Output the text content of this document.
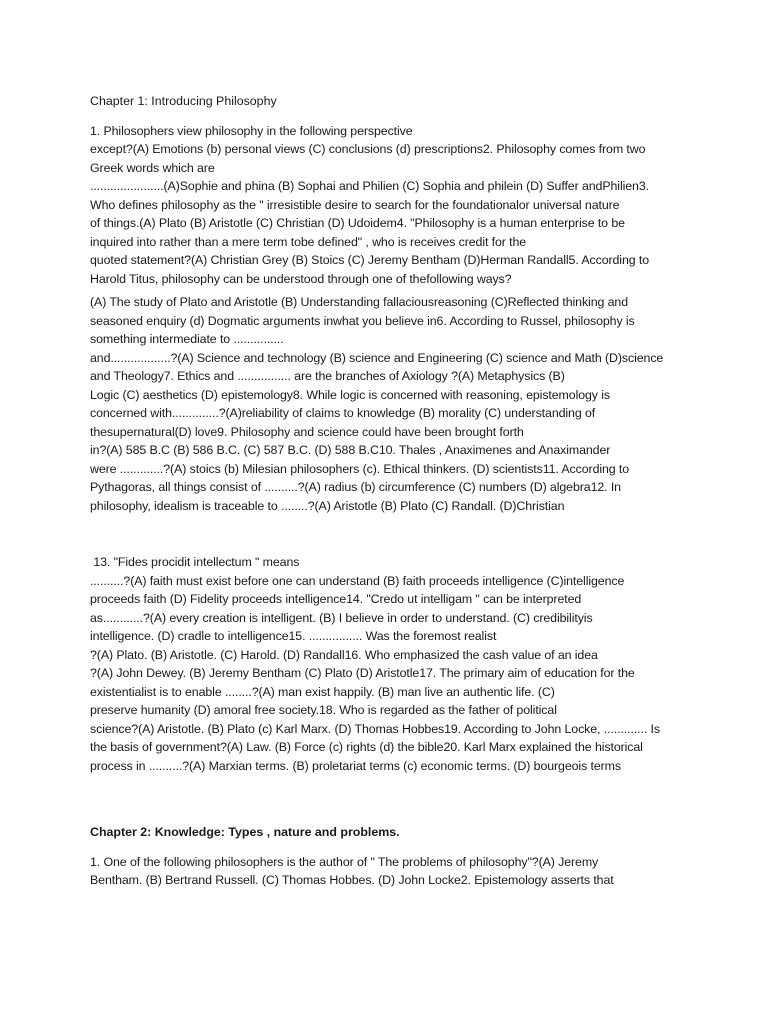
Chapter 1: Introducing Philosophy
1. Philosophers view philosophy in the following perspective
except?(A) Emotions (b) personal views (C) conclusions (d) prescriptions2. Philosophy comes from two
Greek words which are
......................(A)Sophie and phina (B) Sophai and Philien (C) Sophia and philein (D) Suffer andPhilien3.
Who defines philosophy as the " irresistible desire to search for the foundationalor universal nature
of things.(A) Plato (B) Aristotle (C) Christian (D) Udoidem4. "Philosophy is a human enterprise to be
inquired into rather than a mere term tobe defined" , who is receives credit for the
quoted statement?(A) Christian Grey (B) Stoics (C) Jeremy Bentham (D)Herman Randall5. According to
Harold Titus, philosophy can be understood through one of thefollowing ways?
(A) The study of Plato and Aristotle (B) Understanding fallaciousreasoning (C)Reflected thinking and
seasoned enquiry (d) Dogmatic arguments inwhat you believe in6. According to Russel, philosophy is
something intermediate to ...............
and..................?(A) Science and technology (B) science and Engineering (C) science and Math (D)science
and Theology7. Ethics and ................ are the branches of Axiology ?(A) Metaphysics (B)
Logic (C) aesthetics (D) epistemology8. While logic is concerned with reasoning, epistemology is
concerned with..............?(A)reliability of claims to knowledge (B) morality (C) understanding of
thesupernatural(D) love9. Philosophy and science could have been brought forth
in?(A) 585 B.C (B) 586 B.C. (C) 587 B.C. (D) 588 B.C10. Thales , Anaximenes and Anaximander
were .............?(A) stoics (b) Milesian philosophers (c). Ethical thinkers. (D) scientists11. According to
Pythagoras, all things consist of ..........?(A) radius (b) circumference (C) numbers (D) algebra12. In
philosophy, idealism is traceable to ........?(A) Aristotle (B) Plato (C) Randall. (D)Christian
13. "Fides procidit intellectum " means
..........?(A) faith must exist before one can understand (B) faith proceeds intelligence (C)intelligence
proceeds faith (D) Fidelity proceeds intelligence14. "Credo ut intelligam " can be interpreted
as............?(A) every creation is intelligent. (B) I believe in order to understand. (C) credibilityis
intelligence. (D) cradle to intelligence15. ................ Was the foremost realist
?(A) Plato. (B) Aristotle. (C) Harold. (D) Randall16. Who emphasized the cash value of an idea
?(A) John Dewey. (B) Jeremy Bentham (C) Plato (D) Aristotle17. The primary aim of education for the
existentialist is to enable ........?(A) man exist happily. (B) man live an authentic life. (C)
preserve humanity (D) amoral free society.18. Who is regarded as the father of political
science?(A) Aristotle. (B) Plato (c) Karl Marx. (D) Thomas Hobbes19. According to John Locke, ............. Is
the basis of government?(A) Law. (B) Force (c) rights (d) the bible20. Karl Marx explained the historical
process in ..........?(A) Marxian terms. (B) proletariat terms (c) economic terms. (D) bourgeois terms
Chapter 2: Knowledge: Types , nature and problems.
1. One of the following philosophers is the author of " The problems of philosophy"?(A) Jeremy
Bentham. (B) Bertrand Russell. (C) Thomas Hobbes. (D) John Locke2. Epistemology asserts that
